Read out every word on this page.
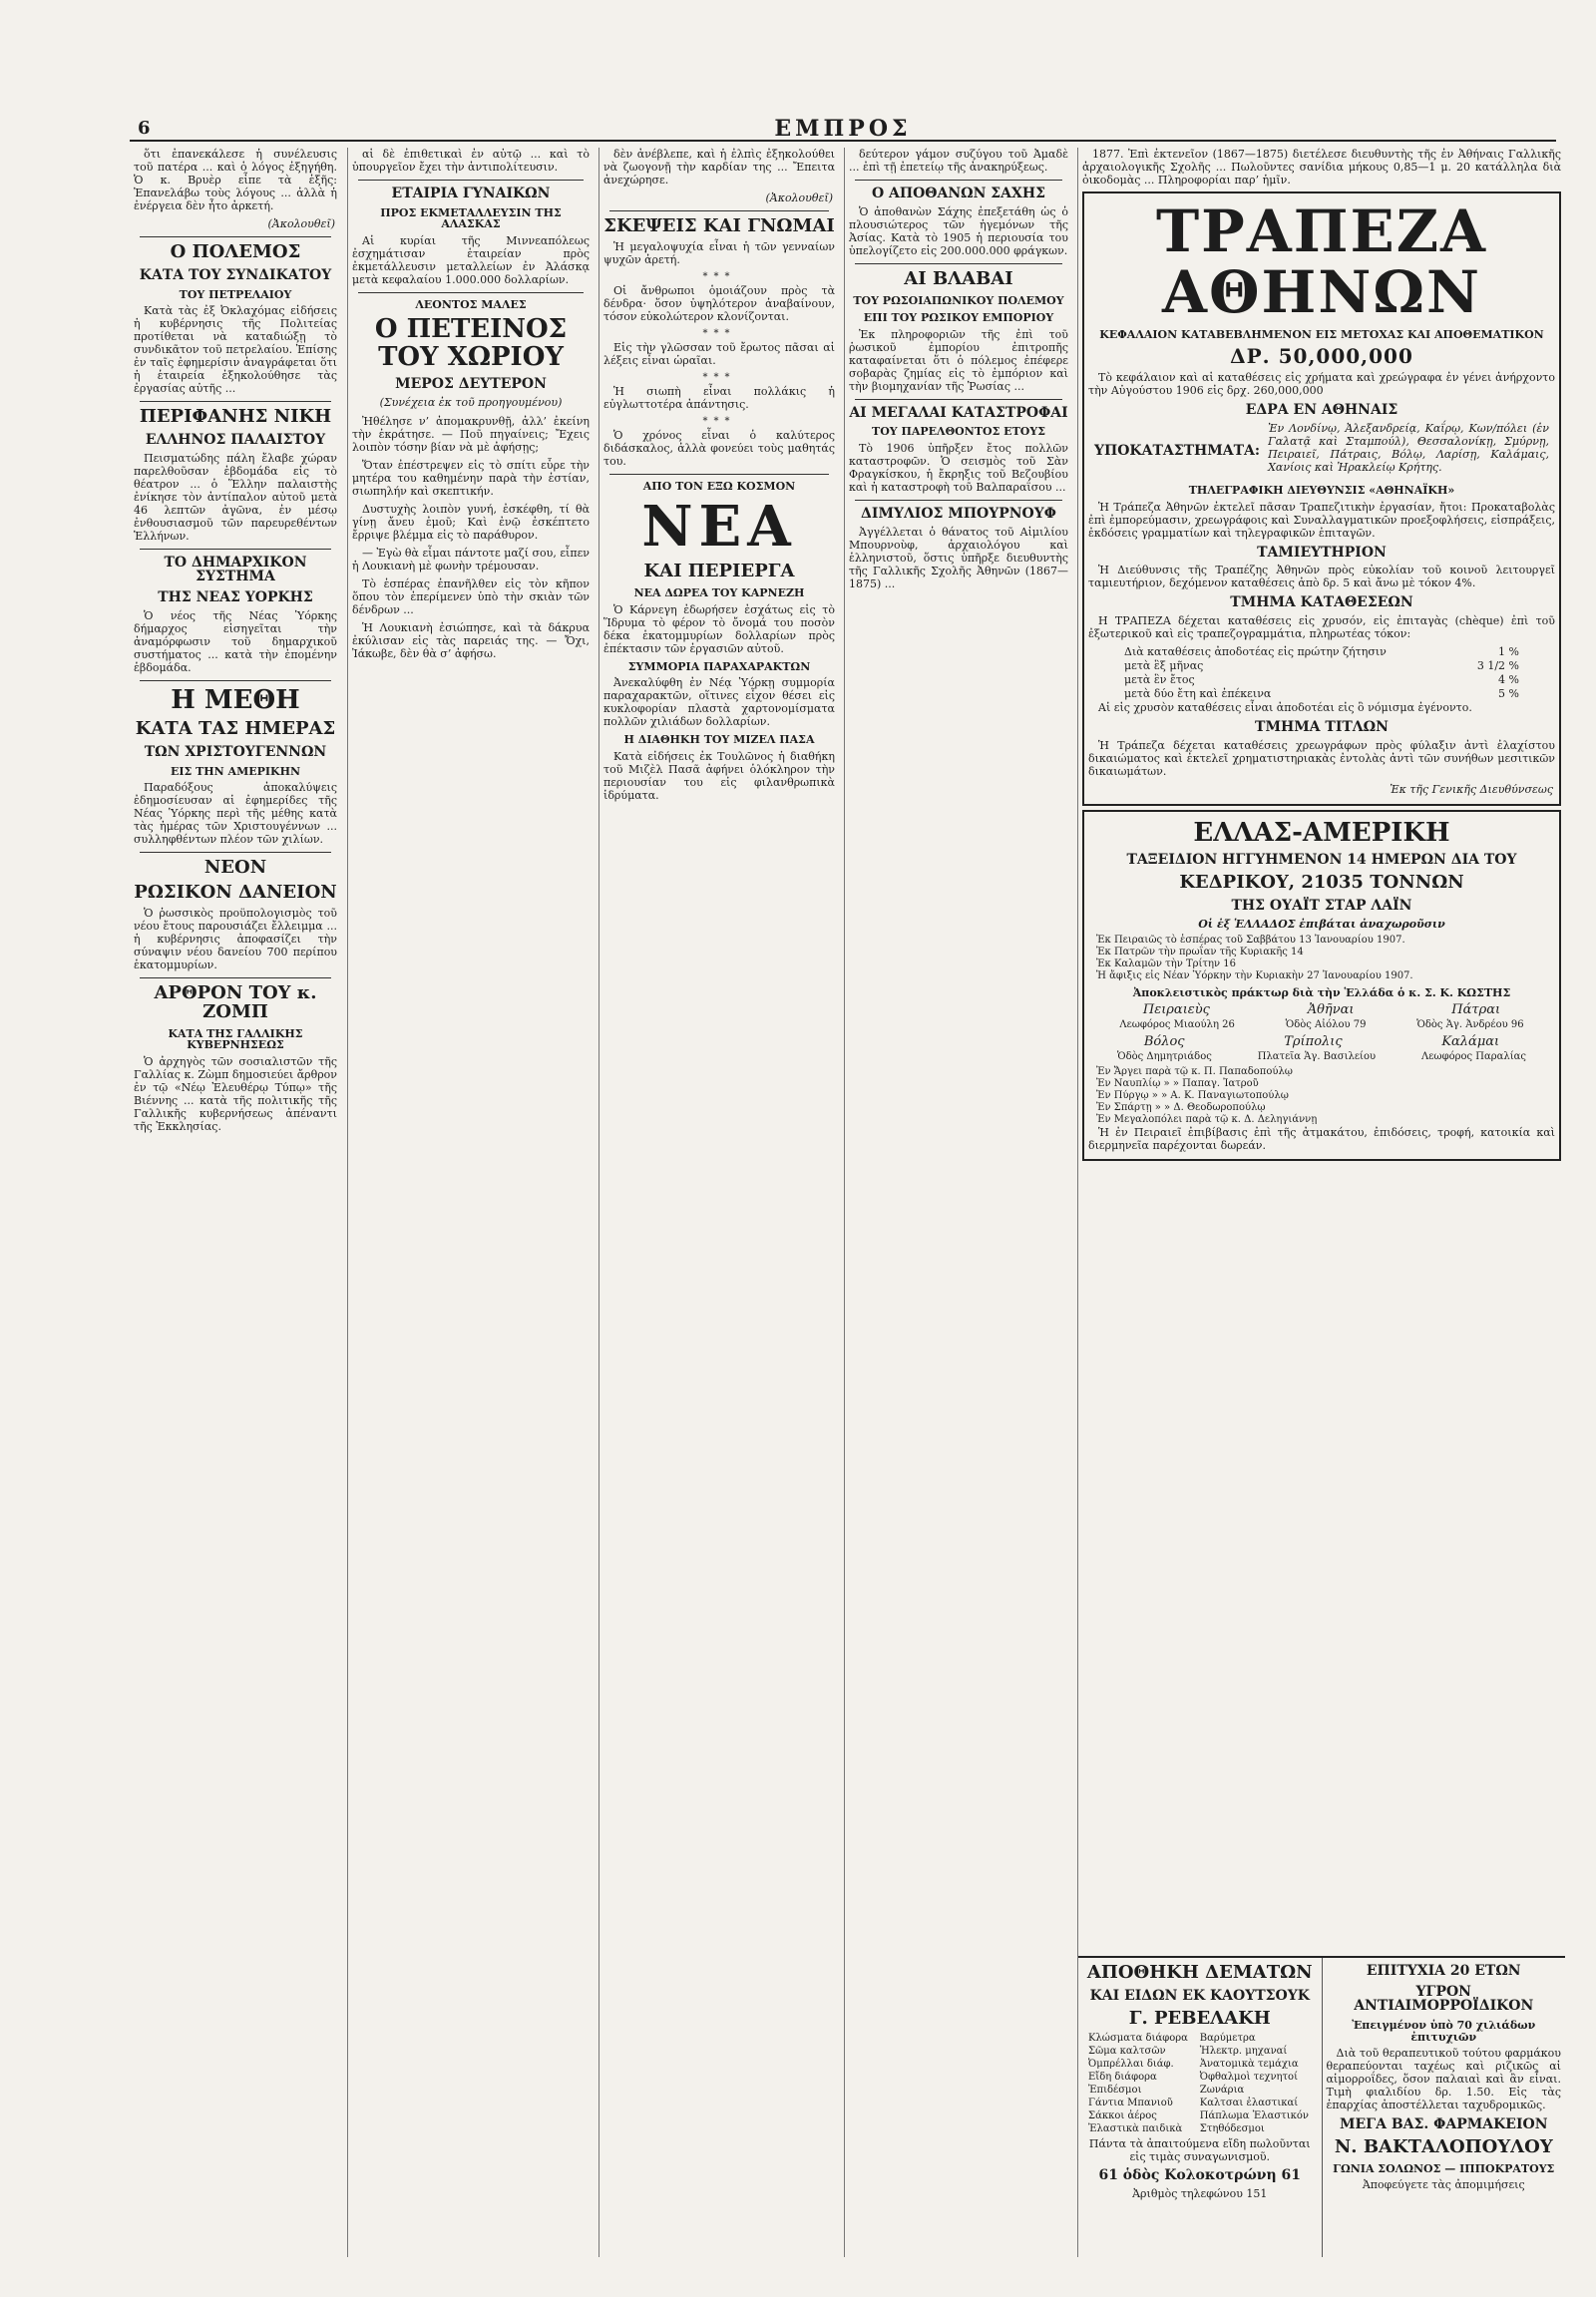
6	ΕΜΠΡΟΣ

ὅτι ἐπανεκάλεσε ἡ συνέλευσις τοῦ πατέρα ... καὶ ὁ λόγος ἐξηγήθη. Ὁ κ. Βρυὲρ εἶπε τὰ ἑξῆς: Ἐπανελάβω τοὺς λόγους ... ἀλλὰ ἡ ἐνέργεια δὲν ἦτο ἀρκετή.

(Ἀκολουθεῖ)
Ο ΠΟΛΕΜΟΣ
ΚΑΤΑ ΤΟΥ ΣΥΝΔΙΚΑΤΟΥ
ΤΟΥ ΠΕΤΡΕΛΑΙΟΥ

Κατὰ τὰς ἐξ Ὀκλαχόμας εἰδήσεις ἡ κυβέρνησις τῆς Πολιτείας προτίθεται νὰ καταδιώξῃ τὸ συνδικᾶτον τοῦ πετρελαίου. Ἐπίσης ἐν ταῖς ἐφημερίσιν ἀναγράφεται ὅτι ἡ ἑταιρεία ἐξηκολούθησε τὰς ἐργασίας αὐτῆς ...

ΠΕΡΙΦΑΝΗΣ ΝΙΚΗ
ΕΛΛΗΝΟΣ ΠΑΛΑΙΣΤΟΥ

Πεισματώδης πάλη ἔλαβε χώραν παρελθοῦσαν ἑβδομάδα εἰς τὸ θέατρον ... ὁ Ἕλλην παλαιστὴς ἐνίκησε τὸν ἀντίπαλον αὐτοῦ μετὰ 46 λεπτῶν ἀγῶνα, ἐν μέσῳ ἐνθουσιασμοῦ τῶν παρευρεθέντων Ἑλλήνων.

ΤΟ ΔΗΜΑΡΧΙΚΟΝ ΣΥΣΤΗΜΑ
ΤΗΣ ΝΕΑΣ ΥΟΡΚΗΣ

Ὁ νέος τῆς Νέας Ὑόρκης δήμαρχος εἰσηγεῖται τὴν ἀναμόρφωσιν τοῦ δημαρχικοῦ συστήματος ... κατὰ τὴν ἐπομένην ἑβδομάδα.

Η ΜΕΘΗ
ΚΑΤΑ ΤΑΣ ΗΜΕΡΑΣ
ΤΩΝ ΧΡΙΣΤΟΥΓΕΝΝΩΝ
ΕΙΣ ΤΗΝ ΑΜΕΡΙΚΗΝ

Παραδόξους ἀποκαλύψεις ἐδημοσίευσαν αἱ ἐφημερίδες τῆς Νέας Ὑόρκης περὶ τῆς μέθης κατὰ τὰς ἡμέρας τῶν Χριστουγέννων ... συλληφθέντων πλέον τῶν χιλίων.

ΝΕΟΝ
ΡΩΣΙΚΟΝ ΔΑΝΕΙΟΝ

Ὁ ῥωσσικὸς προϋπολογισμὸς τοῦ νέου ἔτους παρουσιάζει ἔλλειμμα ... ἡ κυβέρνησις ἀποφασίζει τὴν σύναψιν νέου δανείου 700 περίπου ἑκατομμυρίων.

ΑΡΘΡΟΝ ΤΟΥ κ. ΖΟΜΠ
ΚΑΤΑ ΤΗΣ ΓΑΛΛΙΚΗΣ ΚΥΒΕΡΝΗΣΕΩΣ

Ὁ ἀρχηγὸς τῶν σοσιαλιστῶν τῆς Γαλλίας κ. Ζὼμπ δημοσιεύει ἄρθρον ἐν τῷ «Νέῳ Ἐλευθέρῳ Τύπῳ» τῆς Βιέννης ... κατὰ τῆς πολιτικῆς τῆς Γαλλικῆς κυβερνήσεως ἀπέναντι τῆς Ἐκκλησίας.

αἱ δὲ ἐπιθετικαὶ ἐν αὐτῷ ... καὶ τὸ ὑπουργεῖον ἔχει τὴν ἀντιπολίτευσιν.

ΕΤΑΙΡΙΑ ΓΥΝΑΙΚΩΝ
ΠΡΟΣ ΕΚΜΕΤΑΛΛΕΥΣΙΝ ΤΗΣ ΑΛΑΣΚΑΣ

Αἱ κυρίαι τῆς Μιννεαπόλεως ἐσχημάτισαν ἑταιρείαν πρὸς ἐκμετάλλευσιν μεταλλείων ἐν Ἀλάσκᾳ μετὰ κεφαλαίου 1.000.000 δολλαρίων.

ΛΕΟΝΤΟΣ ΜΑΛΕΣ
Ο ΠΕΤΕΙΝΟΣ ΤΟΥ ΧΩΡΙΟΥ
ΜΕΡΟΣ ΔΕΥΤΕΡΟΝ
(Συνέχεια ἐκ τοῦ προηγουμένου)

Ἠθέλησε ν’ ἀπομακρυνθῇ, ἀλλ’ ἐκείνη τὴν ἐκράτησε. — Ποῦ πηγαίνεις; Ἔχεις λοιπὸν τόσην βίαν νὰ μὲ ἀφήσῃς;

Ὅταν ἐπέστρεψεν εἰς τὸ σπίτι εὗρε τὴν μητέρα του καθημένην παρὰ τὴν ἑστίαν, σιωπηλήν καὶ σκεπτικήν.

Δυστυχὴς λοιπὸν γυνή, ἐσκέφθη, τί θὰ γίνῃ ἄνευ ἐμοῦ; Καὶ ἐνῷ ἐσκέπτετο ἔρριψε βλέμμα εἰς τὸ παράθυρον.

— Ἐγὼ θὰ εἶμαι πάντοτε μαζί σου, εἶπεν ἡ Λουκιανὴ μὲ φωνὴν τρέμουσαν.

Τὸ ἑσπέρας ἐπανῆλθεν εἰς τὸν κῆπον ὅπου τὸν ἐπερίμενεν ὑπὸ τὴν σκιὰν τῶν δένδρων ...

Ἡ Λουκιανὴ ἐσιώπησε, καὶ τὰ δάκρυα ἐκύλισαν εἰς τὰς παρειάς της. — Ὄχι, Ἰάκωβε, δὲν θὰ σ’ ἀφήσω.

δὲν ἀνέβλεπε, καὶ ἡ ἐλπὶς ἐξηκολούθει νὰ ζωογονῇ τὴν καρδίαν της ... Ἔπειτα ἀνεχώρησε.

(Ἀκολουθεῖ)
ΣΚΕΨΕΙΣ ΚΑΙ ΓΝΩΜΑΙ

Ἡ μεγαλοψυχία εἶναι ἡ τῶν γενναίων ψυχῶν ἀρετή.

***

Οἱ ἄνθρωποι ὁμοιάζουν πρὸς τὰ δένδρα· ὅσον ὑψηλότερον ἀναβαίνουν, τόσον εὐκολώτερον κλονίζονται.

***

Εἰς τὴν γλῶσσαν τοῦ ἔρωτος πᾶσαι αἱ λέξεις εἶναι ὡραῖαι.

***

Ἡ σιωπὴ εἶναι πολλάκις ἡ εὐγλωττοτέρα ἀπάντησις.

***

Ὁ χρόνος εἶναι ὁ καλύτερος διδάσκαλος, ἀλλὰ φονεύει τοὺς μαθητάς του.

ΑΠΟ ΤΟΝ ΕΞΩ ΚΟΣΜΟΝ
ΝΕΑ
ΚΑΙ ΠΕΡΙΕΡΓΑ
ΝΕΑ ΔΩΡΕΑ ΤΟΥ ΚΑΡΝΕΖΗ

Ὁ Κάρνεγη ἐδωρήσεν ἐσχάτως εἰς τὸ Ἵδρυμα τὸ φέρον τὸ ὄνομά του ποσὸν δέκα ἑκατομμυρίων δολλαρίων πρὸς ἐπέκτασιν τῶν ἐργασιῶν αὐτοῦ.

ΣΥΜΜΟΡΙΑ ΠΑΡΑΧΑΡΑΚΤΩΝ

Ἀνεκαλύφθη ἐν Νέᾳ Ὑόρκῃ συμμορία παραχαρακτῶν, οἵτινες εἶχον θέσει εἰς κυκλοφορίαν πλαστὰ χαρτονομίσματα πολλῶν χιλιάδων δολλαρίων.

Η ΔΙΑΘΗΚΗ ΤΟΥ ΜΙΖΕΛ ΠΑΣΑ

Κατὰ εἰδήσεις ἐκ Τουλῶνος ἡ διαθήκη τοῦ Μιζὲλ Πασᾶ ἀφήνει ὁλόκληρον τὴν περιουσίαν του εἰς φιλανθρωπικὰ ἱδρύματα.

δεύτερον γάμον συζύγου τοῦ Ἀμαδὲ ... ἐπὶ τῇ ἐπετείῳ τῆς ἀνακηρύξεως.

Ο ΑΠΟΘΑΝΩΝ ΣΑΧΗΣ

Ὁ ἀποθανὼν Σάχης ἐπεξετάθη ὡς ὁ πλουσιώτερος τῶν ἡγεμόνων τῆς Ἀσίας. Κατὰ τὸ 1905 ἡ περιουσία του ὑπελογίζετο εἰς 200.000.000 φράγκων.

ΑΙ ΒΛΑΒΑΙ
ΤΟΥ ΡΩΣΟΙΑΠΩΝΙΚΟΥ ΠΟΛΕΜΟΥ
ΕΠΙ ΤΟΥ ΡΩΣΙΚΟΥ ΕΜΠΟΡΙΟΥ

Ἐκ πληροφοριῶν τῆς ἐπὶ τοῦ ῥωσικοῦ ἐμπορίου ἐπιτροπῆς καταφαίνεται ὅτι ὁ πόλεμος ἐπέφερε σοβαρὰς ζημίας εἰς τὸ ἐμπόριον καὶ τὴν βιομηχανίαν τῆς Ῥωσίας ...

ΑΙ ΜΕΓΑΛΑΙ ΚΑΤΑΣΤΡΟΦΑΙ
ΤΟΥ ΠΑΡΕΛΘΟΝΤΟΣ ΕΤΟΥΣ

Τὸ 1906 ὑπῆρξεν ἔτος πολλῶν καταστροφῶν. Ὁ σεισμὸς τοῦ Σὰν Φραγκίσκου, ἡ ἔκρηξις τοῦ Βεζουβίου καὶ ἡ καταστροφὴ τοῦ Βαλπαραΐσου ...

ΔΙΜΥΛΙΟΣ ΜΠΟΥΡΝΟΥΦ

Ἀγγέλλεται ὁ θάνατος τοῦ Αἰμιλίου Μπουρνοὺφ, ἀρχαιολόγου καὶ ἑλληνιστοῦ, ὅστις ὑπῆρξε διευθυντὴς τῆς Γαλλικῆς Σχολῆς Ἀθηνῶν (1867—1875) ...

1877. Ἐπὶ ἐκτενεῖον (1867—1875) διετέλεσε διευθυντὴς τῆς ἐν Ἀθήναις Γαλλικῆς ἀρχαιολογικῆς Σχολῆς ... Πωλοῦντες σανίδια μήκους 0,85—1 μ. 20 κατάλληλα διὰ ὀικοδομὰς ... Πληροφορίαι παρ’ ἡμῖν.

ΤΡΑΠΕΖΑ ΑΘΗΝΩΝ
ΚΕΦΑΛΑΙΟΝ ΚΑΤΑΒΕΒΛΗΜΕΝΟΝ ΕΙΣ ΜΕΤΟΧΑΣ ΚΑΙ ΑΠΟΘΕΜΑΤΙΚΟΝ
ΔΡ. 50,000,000

Τὸ κεφάλαιον καὶ αἱ καταθέσεις εἰς χρήματα καὶ χρεώγραφα ἐν γένει ἀνήρχοντο τὴν Αὐγούστου 1906 εἰς δρχ. 260,000,000

ΕΔΡΑ ΕΝ ΑΘΗΝΑΙΣ
ΥΠΟΚΑΤΑΣΤΗΜΑΤΑ:

Ἐν Λονδίνῳ, Ἀλεξανδρείᾳ, Καΐρῳ, Κων/πόλει (ἐν Γαλατᾷ καὶ Σταμπούλ), Θεσσαλονίκῃ, Σμύρνῃ, Πειραιεῖ, Πάτραις, Βόλῳ, Λαρίσῃ, Καλάμαις, Χανίοις καὶ Ἡρακλείῳ Κρήτης.

ΤΗΛΕΓΡΑΦΙΚΗ ΔΙΕΥΘΥΝΣΙΣ «ΑΘΗΝΑΪΚΗ»

Ἡ Τράπεζα Ἀθηνῶν ἐκτελεῖ πᾶσαν Τραπεζιτικὴν ἐργασίαν, ἤτοι: Προκαταβολὰς ἐπὶ ἐμπορεύμασιν, χρεωγράφοις καὶ Συναλλαγματικῶν προεξοφλήσεις, εἰσπράξεις, ἐκδόσεις γραμματίων καὶ τηλεγραφικῶν ἐπιταγῶν.

ΤΑΜΙΕΥΤΗΡΙΟΝ

Ἡ Διεύθυνσις τῆς Τραπέζης Ἀθηνῶν πρὸς εὐκολίαν τοῦ κοινοῦ λειτουργεῖ ταμιευτήριον, δεχόμενον καταθέσεις ἀπὸ δρ. 5 καὶ ἄνω μὲ τόκον 4%.

ΤΜΗΜΑ ΚΑΤΑΘΕΣΕΩΝ

Η ΤΡΑΠΕΖΑ δέχεται καταθέσεις εἰς χρυσόν, εἰς ἐπιταγὰς (chèque) ἐπὶ τοῦ ἐξωτερικοῦ καὶ εἰς τραπεζογραμμάτια, πληρωτέας τόκον:

Διὰ καταθέσεις ἀποδοτέας εἰς πρώτην ζήτησιν	1 %
μετὰ ἓξ μῆνας	3 1/2 %
μετὰ ἓν ἔτος	4 %
μετὰ δύο ἔτη καὶ ἐπέκεινα	5 %

Αἱ εἰς χρυσὸν καταθέσεις εἶναι ἀποδοτέαι εἰς ὃ νόμισμα ἐγένοντο.

ΤΜΗΜΑ ΤΙΤΛΩΝ

Ἡ Τράπεζα δέχεται καταθέσεις χρεωγράφων πρὸς φύλαξιν ἀντὶ ἐλαχίστου δικαιώματος καὶ ἐκτελεῖ χρηματιστηριακὰς ἐντολὰς ἀντὶ τῶν συνήθων μεσιτικῶν δικαιωμάτων.

Ἐκ τῆς Γενικῆς Διευθύνσεως
ΕΛΛΑΣ-ΑΜΕΡΙΚΗ
ΤΑΞΕΙΔΙΟΝ ΗΓΓΥΗΜΕΝΟΝ 14 ΗΜΕΡΩΝ ΔΙΑ ΤΟΥ
ΚΕΔΡΙΚΟΥ, 21035 ΤΟΝΝΩΝ
ΤΗΣ ΟΥΑΪΤ ΣΤΑΡ ΛΑΪΝ
Οἱ ἐξ ἙΛΛΑΔΟΣ ἐπιβάται ἀναχωροῦσιν
Ἐκ Πειραιῶς τὸ ἑσπέρας τοῦ Σαββάτου 13 Ἰανουαρίου 1907.
Ἐκ Πατρῶν τὴν πρωΐαν τῆς Κυριακῆς 14
Ἐκ Καλαμῶν τὴν Τρίτην 16
Ἡ ἄφιξις εἰς Νέαν Ὑόρκην τὴν Κυριακὴν 27 Ἰανουαρίου 1907.
Ἀποκλειστικὸς πράκτωρ διὰ τὴν Ἑλλάδα ὁ κ. Σ. Κ. ΚΩΣΤΗΣ
Πειραιεὺς	Ἀθῆναι	Πάτραι
Λεωφόρος Μιαούλη 26	Ὁδὸς Αἰόλου 79	Ὁδὸς Ἁγ. Ἀνδρέου 96
Βόλος	Τρίπολις	Καλάμαι
Ὁδὸς Δημητριάδος	Πλατεῖα Ἁγ. Βασιλείου	Λεωφόρος Παραλίας
Ἐν Ἄργει παρὰ τῷ κ. Π. Παπαδοπούλῳ
Ἐν Ναυπλίῳ » » Παπαγ. Ἰατροῦ
Ἐν Πύργῳ » » Α. Κ. Παναγιωτοπούλῳ
Ἐν Σπάρτῃ » » Δ. Θεοδωροπούλῳ
Ἐν Μεγαλοπόλει παρὰ τῷ κ. Δ. Δεληγιάννῃ

Ἡ ἐν Πειραιεῖ ἐπιβίβασις ἐπὶ τῆς ἀτμακάτου, ἐπιδόσεις, τροφή, κατοικία καὶ διερμηνεῖα παρέχονται δωρεάν.

ΑΠΟΘΗΚΗ ΔΕΜΑΤΩΝ
ΚΑΙ ΕΙΔΩΝ ΕΚ ΚΑΟΥΤΣΟΥΚ
Γ. ΡΕΒΕΛΑΚΗ
Κλώσματα διάφορα	Βαρύμετρα
Σῶμα καλτσῶν	Ἠλεκτρ. μηχαναί
Ὀμπρέλλαι διάφ.	Ἀνατομικὰ τεμάχια
Εἴδη διάφορα	Ὀφθαλμοὶ τεχνητοί
Ἐπιδέσμοι	Ζωνάρια
Γάντια Μπανιοῦ	Καλτσαι ἐλαστικαί
Σάκκοι ἀέρος	Πάπλωμα Ἐλαστικόν
Ἐλαστικὰ παιδικὰ	Στηθόδεσμοι
Πάντα τὰ ἀπαιτούμενα εἴδη πωλοῦνται εἰς τιμὰς συναγωνισμοῦ.
61 ὁδὸς Κολοκοτρώνη 61
Ἀριθμὸς τηλεφώνου 151
ΕΠΙΤΥΧΙΑ 20 ΕΤΩΝ
ΥΓΡΟΝ ΑΝΤΙΑΙΜΟΡΡΟΪΔΙΚΟΝ
Ἐπειγμένον ὑπὸ 70 χιλιάδων ἐπιτυχιῶν

Διὰ τοῦ θεραπευτικοῦ τούτου φαρμάκου θεραπεύονται ταχέως καὶ ριζικῶς αἱ αἱμορροΐδες, ὅσον παλαιαὶ καὶ ἂν εἶναι. Τιμὴ φιαλιδίου δρ. 1.50. Εἰς τὰς ἐπαρχίας ἀποστέλλεται ταχυδρομικῶς.

ΜΕΓΑ ΒΑΣ. ΦΑΡΜΑΚΕΙΟΝ
Ν. ΒΑΚΤΑΛΟΠΟΥΛΟΥ
ΓΩΝΙΑ ΣΟΛΩΝΟΣ — ΙΠΠΟΚΡΑΤΟΥΣ
Ἀποφεύγετε τὰς ἀπομιμήσεις
